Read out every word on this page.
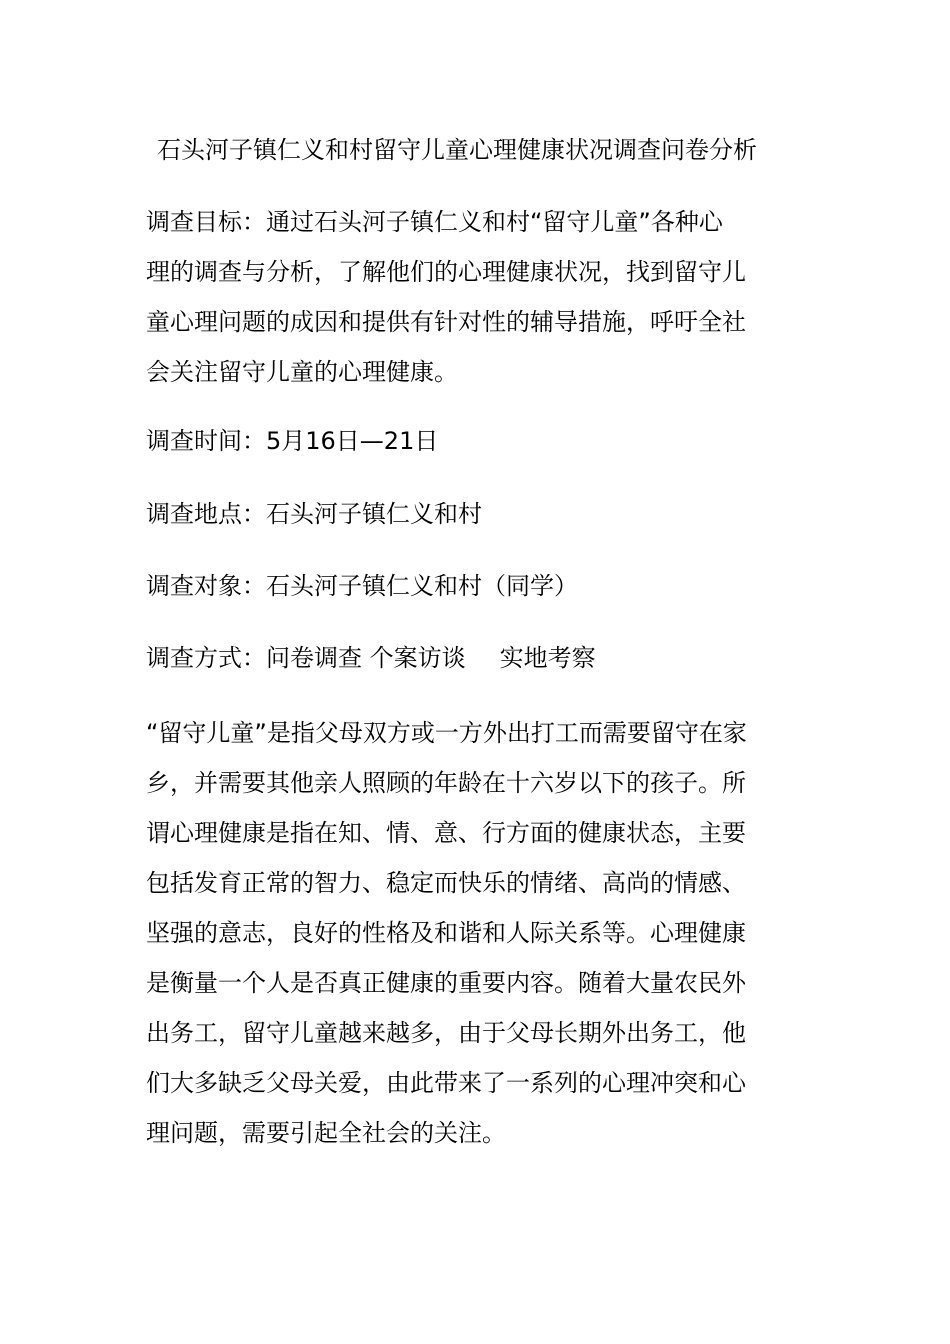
石头河子镇仁义和村留守儿童心理健康状况调查问卷分析
调查目标：通过石头河子镇仁义和村“留守儿童”各种心
理的调查与分析，了解他们的心理健康状况，找到留守儿
童心理问题的成因和提供有针对性的辅导措施，呼吁全社
会关注留守儿童的心理健康。
调查时间：5月16日—21日
调查地点：石头河子镇仁义和村
调查对象：石头河子镇仁义和村（同学）
调查方式：问卷调查 个案访谈 实地考察
“留守儿童”是指父母双方或一方外出打工而需要留守在家
乡，并需要其他亲人照顾的年龄在十六岁以下的孩子。所
谓心理健康是指在知、情、意、行方面的健康状态，主要
包括发育正常的智力、稳定而快乐的情绪、高尚的情感、
坚强的意志，良好的性格及和谐和人际关系等。心理健康
是衡量一个人是否真正健康的重要内容。随着大量农民外
出务工，留守儿童越来越多，由于父母长期外出务工，他
们大多缺乏父母关爱，由此带来了一系列的心理冲突和心
理问题，需要引起全社会的关注。
